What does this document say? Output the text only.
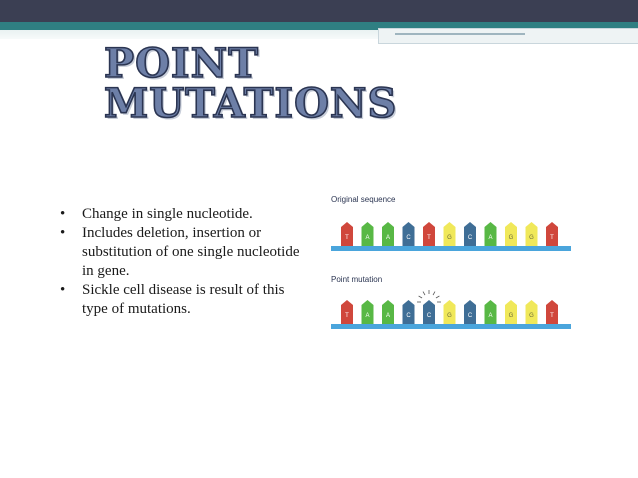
POINT
MUTATIONS
• Change in single nucleotide.
• Includes deletion, insertion or substitution of one single nucleotide in gene.
• Sickle cell disease is result of this type of mutations.
Original sequence
T	A	A	C	T	G	C	A	G	G	T
Point mutation
T	A	A	C	C	G	C	A	G	G	T
